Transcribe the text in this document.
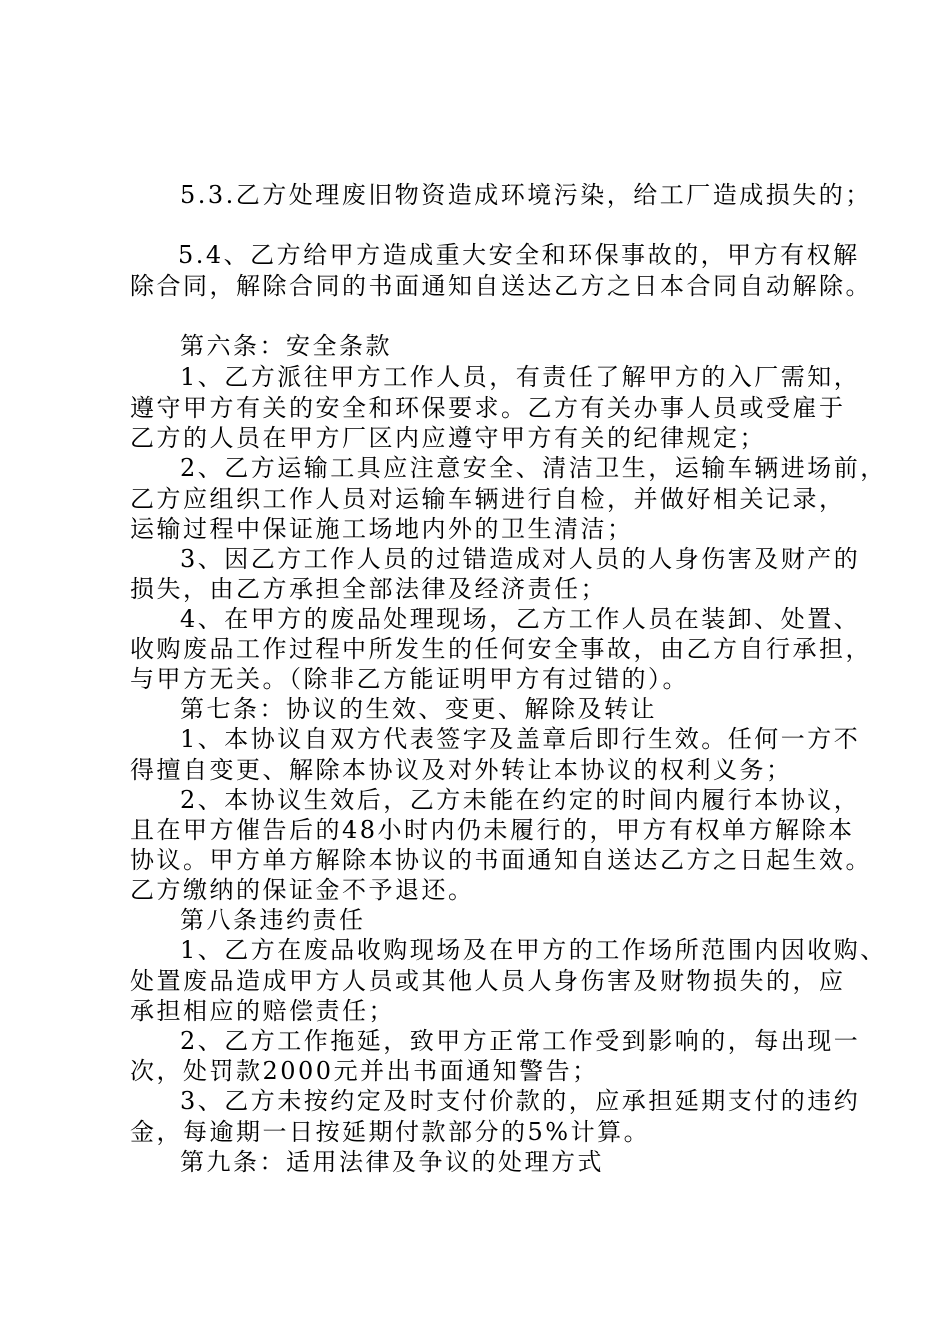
5.3.乙方处理废旧物资造成环境污染，给工厂造成损失的；
5.4、乙方给甲方造成重大安全和环保事故的，甲方有权解
除合同，解除合同的书面通知自送达乙方之日本合同自动解除。
第六条：安全条款
1、乙方派往甲方工作人员，有责任了解甲方的入厂需知，
遵守甲方有关的安全和环保要求。乙方有关办事人员或受雇于
乙方的人员在甲方厂区内应遵守甲方有关的纪律规定；
2、乙方运输工具应注意安全、清洁卫生，运输车辆进场前，
乙方应组织工作人员对运输车辆进行自检，并做好相关记录，
运输过程中保证施工场地内外的卫生清洁；
3、因乙方工作人员的过错造成对人员的人身伤害及财产的
损失，由乙方承担全部法律及经济责任；
4、在甲方的废品处理现场，乙方工作人员在装卸、处置、
收购废品工作过程中所发生的任何安全事故，由乙方自行承担，
与甲方无关。（除非乙方能证明甲方有过错的）。
第七条：协议的生效、变更、解除及转让
1、本协议自双方代表签字及盖章后即行生效。任何一方不
得擅自变更、解除本协议及对外转让本协议的权利义务；
2、本协议生效后，乙方未能在约定的时间内履行本协议，
且在甲方催告后的48小时内仍未履行的，甲方有权单方解除本
协议。甲方单方解除本协议的书面通知自送达乙方之日起生效。
乙方缴纳的保证金不予退还。
第八条违约责任
1、乙方在废品收购现场及在甲方的工作场所范围内因收购、
处置废品造成甲方人员或其他人员人身伤害及财物损失的，应
承担相应的赔偿责任；
2、乙方工作拖延，致甲方正常工作受到影响的，每出现一
次，处罚款2000元并出书面通知警告；
3、乙方未按约定及时支付价款的，应承担延期支付的违约
金，每逾期一日按延期付款部分的5%计算。
第九条：适用法律及争议的处理方式
